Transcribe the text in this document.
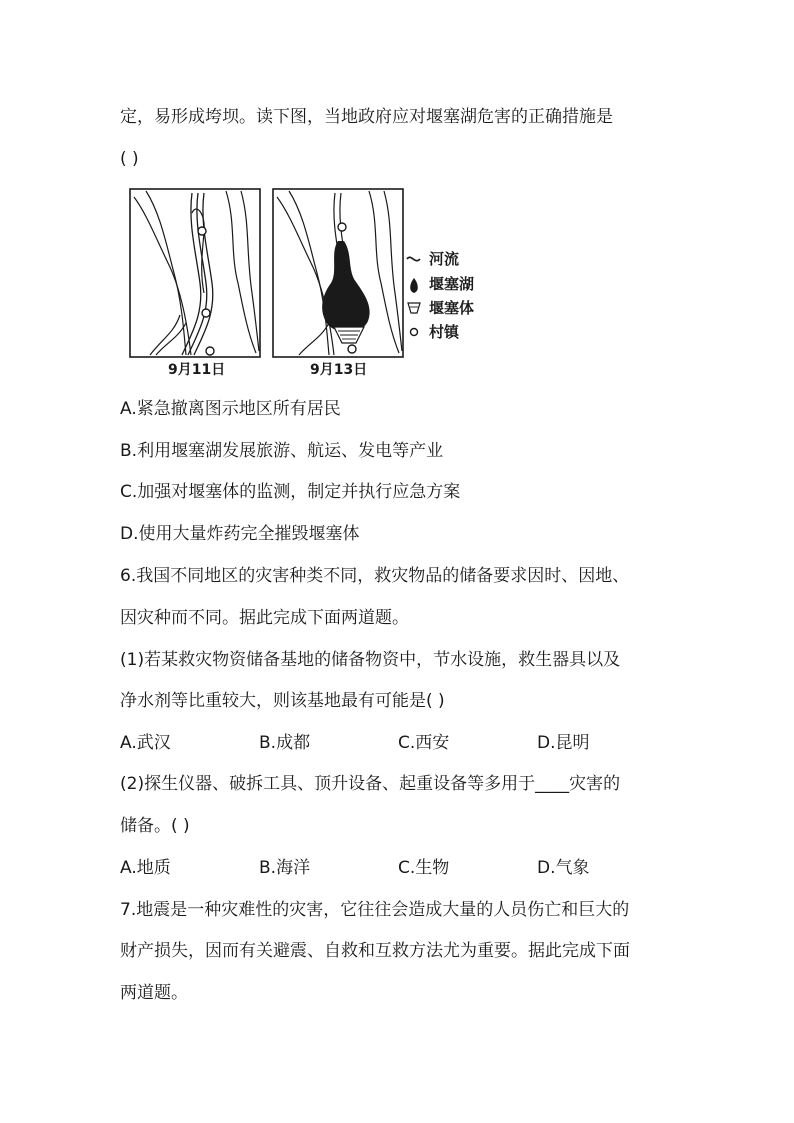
定，易形成垮坝。读下图，当地政府应对堰塞湖危害的正确措施是
( )
9月11日	9月13日
河流
堰塞湖
堰塞体
村镇
A.紧急撤离图示地区所有居民
B.利用堰塞湖发展旅游、航运、发电等产业
C.加强对堰塞体的监测，制定并执行应急方案
D.使用大量炸药完全摧毁堰塞体
6.我国不同地区的灾害种类不同，救灾物品的储备要求因时、因地、
因灾种而不同。据此完成下面两道题。
(1)若某救灾物资储备基地的储备物资中，节水设施，救生器具以及
净水剂等比重较大，则该基地最有可能是( )
A.武汉	B.成都	C.西安	D.昆明
(2)探生仪器、破拆工具、顶升设备、起重设备等多用于____灾害的
储备。( )
A.地质	B.海洋	C.生物	D.气象
7.地震是一种灾难性的灾害，它往往会造成大量的人员伤亡和巨大的
财产损失，因而有关避震、自救和互救方法尤为重要。据此完成下面
两道题。
